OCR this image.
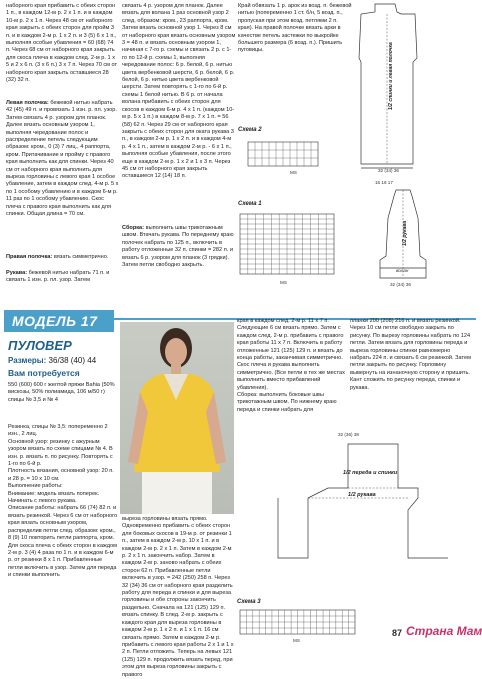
наборного края прибавить с обеих сторон 1 п., в каждом 12-м р. 2 х 1 п. и в каждом 10-м р. 2 х 1 п. Через 48 см от наборного края закрыть с обеих сторон для пройм 3 п. и в каждом 2-м р. 1 х 2 п. и 3 (5) 6 х 1 п., выполняя особые убавления = 60 (68) 74 п. Через 68 см от наборного края закрыть для скоса плеча в каждом след. 2-м р. 1 х 5 и 2 х 6 п. (3 х 6 п.) 3 х 7 п. Через 70 см от наборного края закрыть оставшиеся 28 (32) 32 п.
Левая полочка: бежевой нитью набрать 42 (45) 49 п. и провязать 1 изн. р. пл. узор. Затем связать 4 р. узором для планок. Далее вязать основным узором 1, выполняя чередование полос и распределение петель следующим образом: кром., 0 (3) 7 лиц., 4 раппорта, кром. Притачивание и пройму с правого края выполнить как для спинки. Через 40 см от наборного края выполнить для выреза горловины с левого края 1 особое убавление, затем в каждом след. 4-м р. 5 х по 1 особому убавлению и в каждом 6-м р. 11 раз по 1 особому убавлению. Скос плеча с правого края выполнить как для спинки. Общая длина = 70 см.
Правая полочка: вязать симметрично.
Рукава: бежевой нитью набрать 71 п. и связать 1 изн. р. пл. узор. Затем
связать 4 р. узором для планок. Далее вязать для волана 1 раз основной узор 2 след. образом: кром., 23 раппорта, кром. Затем вязать основной узор 1. Через 8 см от наборного края вязать основным узором 3 = 48 п. и вязать основным узором 1, начиная с 7-го р. схемы и связать 2 р. с 1-го по 12-й р. схемы 1, выполняя чередование полос: 6 р. белой, 6 р. нитью цвета вербенковой шерсти, 6 р. белой, 6 р. белой, 6 р. нитью цвета вербенковой шерсти. Затем повторять с 1-го по 6-й р. схемы 1 белой нитью. В 6 р. от начала волана прибавить с обеих сторон для скосов в каждом 6-м р. 4 х 1 п. (каждом 10-м р. 5 х 1 п.) в каждом 8-м р. 7 х 1 п. = 56 (58) 62 п. Через 29 см от наборного края закрыть с обеих сторон для оката рукава 3 п., в каждом 2-м р. 1 х 2 п. и в каждом 4-м р. 4 х 1 п., затем в каждом 2-м р. - 6 х 1 п., выполняя особые убавления, после этого еще в каждом 2-м р. 1 х 2 и 1 х 3 п. Через 45 см от наборного края закрыть оставшиеся 12 (14) 18 п.
Сборка: выполнить швы трикотажным швом. Втачать рукава. По переднему краю полочек набрать по 125 п., включить в работу отложенные 32 п. спинки = 282 п. и вязать 6 р. узором для планок (3 грядки). Затем петли свободно закрыть.
Край обвязать 1 р. арок из возд. п. бежевой нитью (попеременно 1 ст. б/н, 5 возд. п., пропуская при этом возд. петлями 2 п. края). На правой полочке вязать арки в качестве петель застежки по выкройке большего размера (6 возд. п.). Пришить пуговицы.	1/2 спинки и левая полочка
32 (34) 36
Схема 2
MS
Схема 1
MS
15 16 17
1/2 рукава
волан
32 (34) 36
МОДЕЛЬ 17
ПУЛОВЕР
Размеры: 36/38 (40) 44
Вам потребуется
550 (600) 600 г желтой пряжи Bahia (50% вискозы, 50% полиамида, 106 м/50 г)
спицы № 3,5 и № 4
Резинка, спицы № 3,5: попеременно 2 изн., 2 лиц.
Основной узор: резинку с ажурным узором вязать по схеме спицами № 4. В изн. р. вязать п. по рисунку. Повторять с 1-го по 6-й р.
Плотность вязания, основной узор: 20 п. и 28 р. = 10 х 10 см.
Выполнение работы:
Внимание: модель вязать поперек. Начинать с левого рукава.
Описание работы: набрать 66 (74) 82 п. и вязать резинкой. Через 6 см от наборного края вязать основным узором, распределив петли след. образом: кром., 8 (9) 10 повторить петли раппорта, кром. Для скоса плеча с обеих сторон в каждом 2-м р. 3 (4) 4 раза по 1 п. и в каждом 6-м р. от резинки 8 х 1 п. Прибавленные петли включить в узор. Затем для переда и спинки выполнить
выреза горловины вязать прямо. Одновременно прибавить с обеих сторон для боковых скосов в 19-м р. от резинки 1 п., затем в каждом 2-м р. 10 х 1 п. и в каждом 2-м р. 2 х 1 п. Затем в каждом 2-м р. 2 х 1 п. закончить набор. Затем в каждом 2-м р. заново набрать с обеих сторон 62 п. Прибавленные петли включить в узор. = 242 (250) 258 п. Через 32 (34) 36 см от наборного края разделить работу для переда и спинки и для выреза горловины и обе стороны закончить раздельно. Сначала на 121 (125) 129 п. вязать спинку. В след. 2-м р. закрыть с каждого края для вырeза горловины в каждом 2-м р. 1 х 2 п. и 1 х 1 п. 16 см связать прямо. Затем в каждом 2-м р. прибавить с левого края работы 2 х 1 и 1 х 2 п. Петли отложить. Теперь на левых 121 (125) 129 п. продолжить вязать перед, при этом для выреза горловины закрыть с правого
края в каждом след. 2-м р. 11 х 7 п. Следующие 6 см вязать прямо. Затем с каждом след. 2-м р. прибавить с правого края работы 11 х 7 п. Включить в работу отложенные 121 (125) 129 п. и вязать до конца работы, заканчивая симметрично. Скос плеча и рукава выполнить симметрично. (Все петли в тех же местах выполнить вместо прибавлений убавления).
Сборка: выполнить боковые швы трикотажным швом. По нижнему краю переда и спинки набрать для
планки 200 (208) 216 п. и вязать резинкой. Через 10 см петли свободно закрыть по рисунку. По вырезу горловины набрать по 124 петли. Затем вязать для горловины переда и выреза горловины спинки равномерно набрать 224 п. и связать 6 см резинкой. Затем петли закрыть по рисунку. Горловину вывернуть на изнаночную сторону и пришить. Кант сложить по рисунку переда, спинки и рукава.
32 (36) 38
1/2 переда и спинки
1/2 рукава
Схема 3
MS
87 Страна Мам
